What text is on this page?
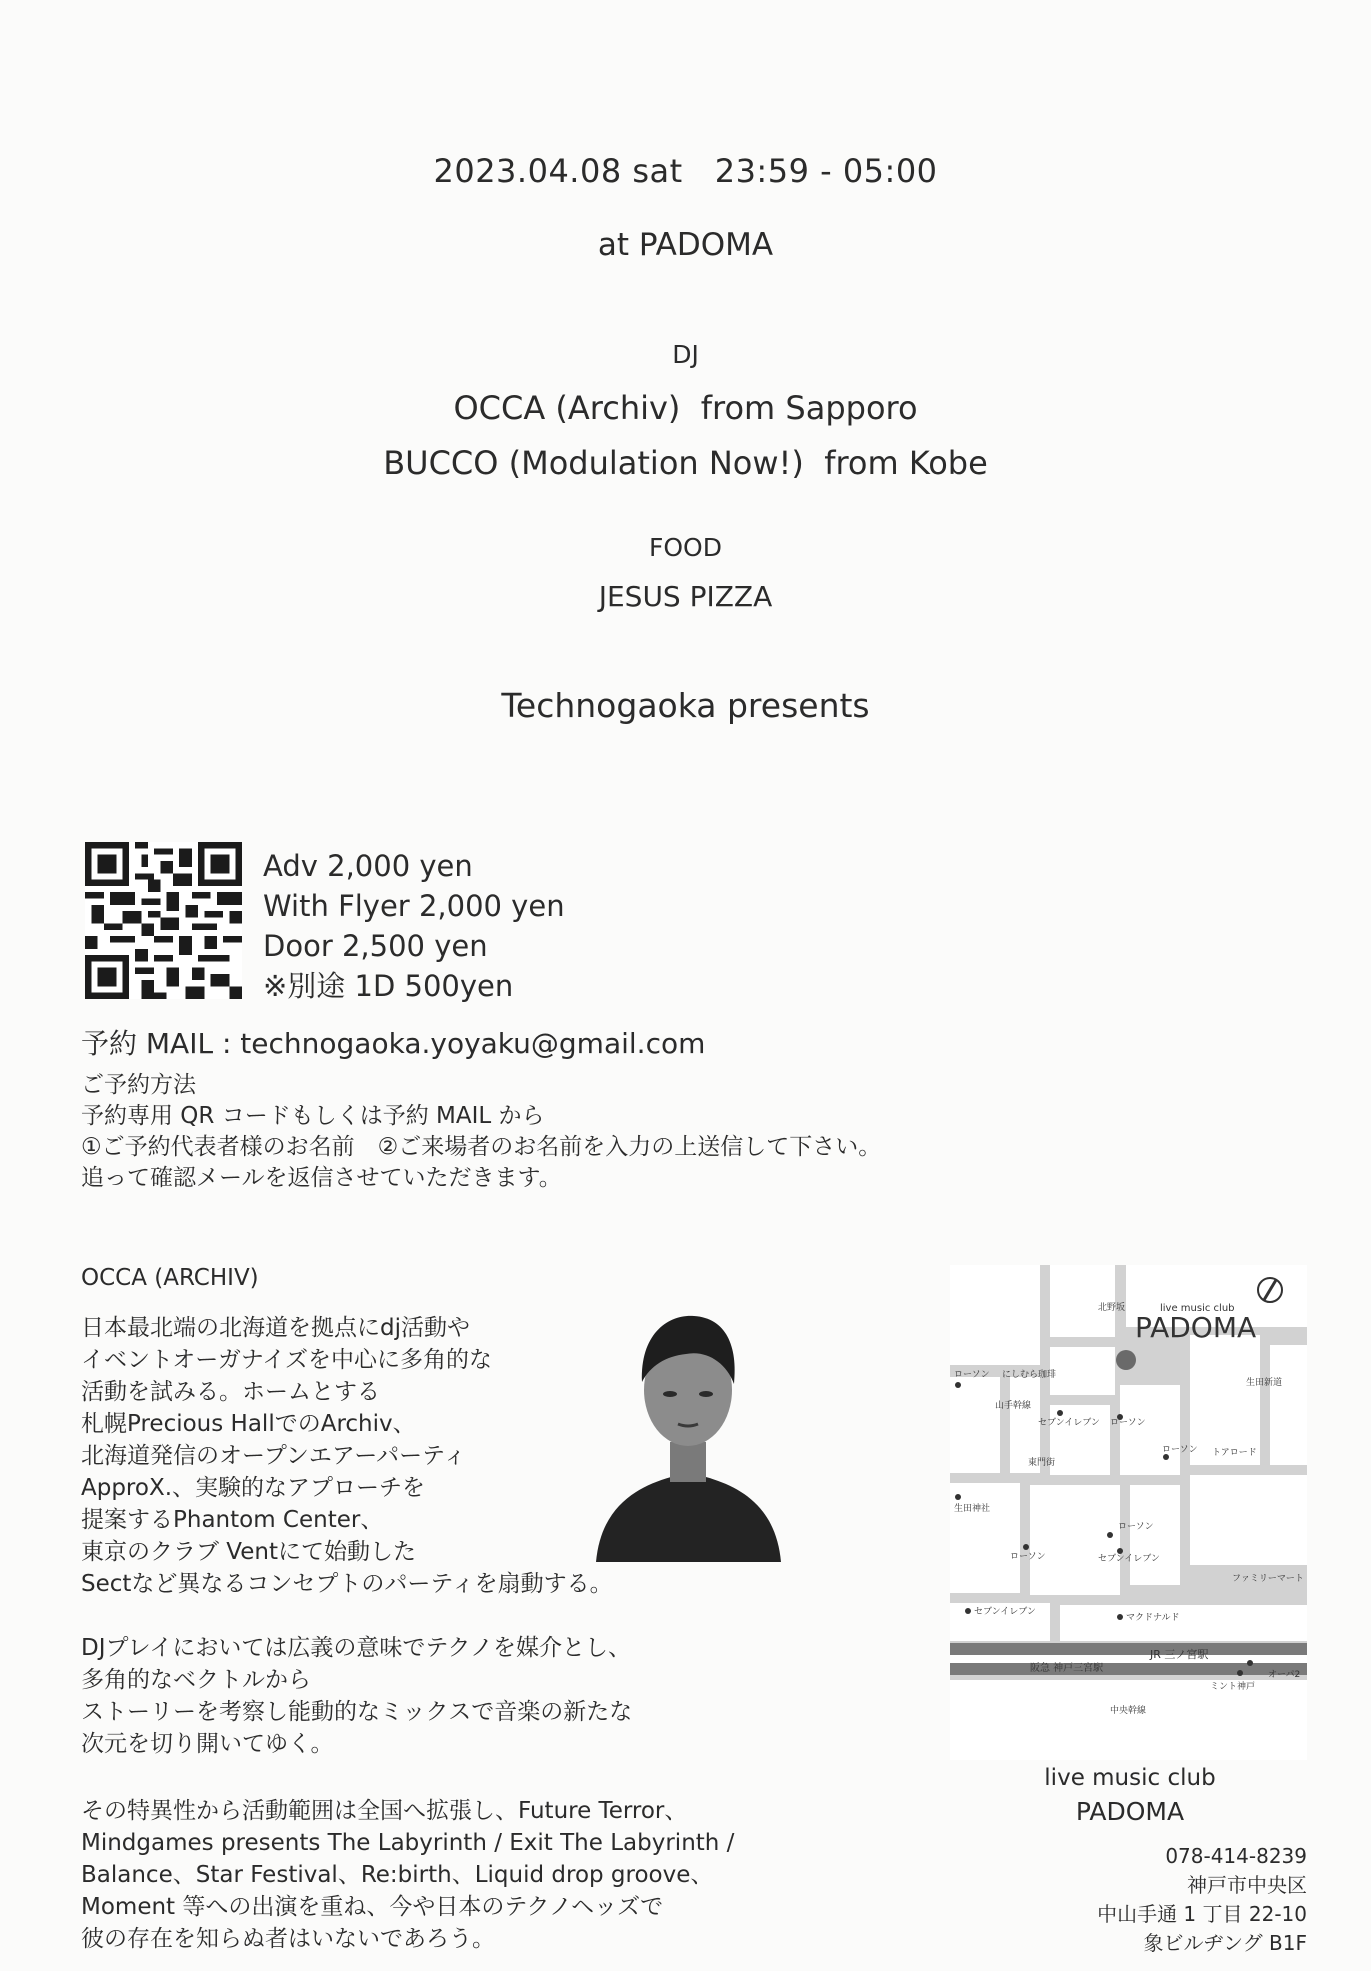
2023.04.08 sat   23:59 - 05:00
at PADOMA
DJ
OCCA (Archiv)  from Sapporo
BUCCO (Modulation Now!)  from Kobe
FOOD
JESUS PIZZA
Technogaoka presents
Adv 2,000 yen
With Flyer 2,000 yen
Door 2,500 yen
※別途 1D 500yen
予約 MAIL : technogaoka.yoyaku@gmail.com
ご予約方法
予約専用 QR コードもしくは予約 MAIL から
①ご予約代表者様のお名前　②ご来場者のお名前を入力の上送信して下さい。
追って確認メールを返信させていただきます。
OCCA (ARCHIV)
日本最北端の北海道を拠点にdj活動や
イベントオーガナイズを中心に多角的な
活動を試みる。ホームとする
札幌Precious HallでのArchiv、
北海道発信のオープンエアーパーティ
ApproX.、実験的なアプローチを
提案するPhantom Center、
東京のクラブ Ventにて始動した
Sectなど異なるコンセプトのパーティを扇動する。
DJプレイにおいては広義の意味でテクノを媒介とし、
多角的なベクトルから
ストーリーを考察し能動的なミックスで音楽の新たな
次元を切り開いてゆく。
その特異性から活動範囲は全国へ拡張し、Future Terror、
Mindgames presents The Labyrinth / Exit The Labyrinth /
Balance、Star Festival、Re:birth、Liquid drop groove、
Moment 等への出演を重ね、今や日本のテクノヘッズで
彼の存在を知らぬ者はいないであろう。
live music club
PADOMA
北野坂
ローソン にしむら珈琲
山手幹線
セブンイレブン ローソン
トアロード
生田新道
ローソン
東門街
生田神社
ローソン
ローソン
セブンイレブン
ファミリーマート
セブンイレブン
マクドナルド
阪急 神戸三宮駅
JR 三ノ宮駅
ミント神戸
オーパ2
中央幹線
live music club
PADOMA
078-414-8239
神戸市中央区
中山手通 1 丁目 22-10
象ビルヂング B1F
